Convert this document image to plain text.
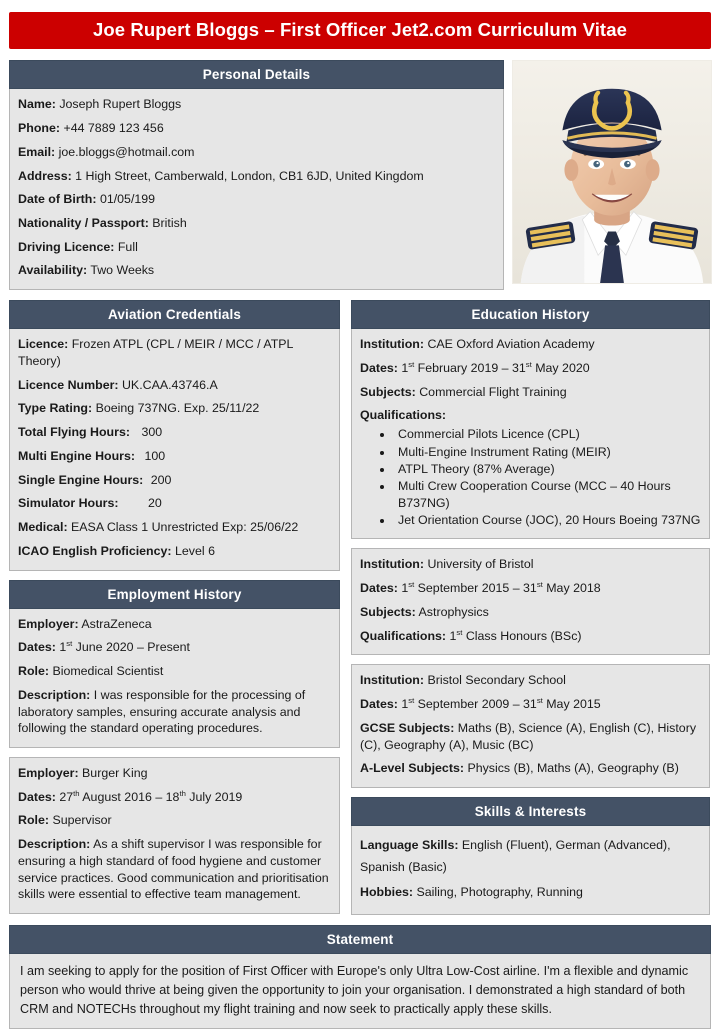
Joe Rupert Bloggs – First Officer Jet2.com Curriculum Vitae
Personal Details
Name: Joseph Rupert Bloggs
Phone: +44 7889 123 456
Email: joe.bloggs@hotmail.com
Address: 1 High Street, Camberwald, London, CB1 6JD, United Kingdom
Date of Birth: 01/05/199
Nationality / Passport: British
Driving Licence: Full
Availability: Two Weeks
Aviation Credentials
Licence: Frozen ATPL (CPL / MEIR / MCC / ATPL Theory)
Licence Number: UK.CAA.43746.A
Type Rating: Boeing 737NG. Exp. 25/11/22
Total Flying Hours: 300
Multi Engine Hours: 100
Single Engine Hours: 200
Simulator Hours: 20
Medical: EASA Class 1 Unrestricted Exp: 25/06/22
ICAO English Proficiency: Level 6
Employment History
Employer: AstraZeneca
Dates: 1st June 2020 – Present
Role: Biomedical Scientist
Description: I was responsible for the processing of laboratory samples, ensuring accurate analysis and following the standard operating procedures.
Employer: Burger King
Dates: 27th August 2016 – 18th July 2019
Role: Supervisor
Description: As a shift supervisor I was responsible for ensuring a high standard of food hygiene and customer service practices. Good communication and prioritisation skills were essential to effective team management.
Education History
Institution: CAE Oxford Aviation Academy
Dates: 1st February 2019 – 31st May 2020
Subjects: Commercial Flight Training
Qualifications:
• Commercial Pilots Licence (CPL)
• Multi-Engine Instrument Rating (MEIR)
• ATPL Theory (87% Average)
• Multi Crew Cooperation Course (MCC – 40 Hours B737NG)
• Jet Orientation Course (JOC), 20 Hours Boeing 737NG
Institution: University of Bristol
Dates: 1st September 2015 – 31st May 2018
Subjects: Astrophysics
Qualifications: 1st Class Honours (BSc)
Institution: Bristol Secondary School
Dates: 1st September 2009 – 31st May 2015
GCSE Subjects: Maths (B), Science (A), English (C), History (C), Geography (A), Music (BC)
A-Level Subjects: Physics (B), Maths (A), Geography (B)
Skills & Interests
Language Skills: English (Fluent), German (Advanced), Spanish (Basic)
Hobbies: Sailing, Photography, Running
Statement
I am seeking to apply for the position of First Officer with Europe's only Ultra Low-Cost airline. I'm a flexible and dynamic person who would thrive at being given the opportunity to join your organisation. I demonstrated a high standard of both CRM and NOTECHs throughout my flight training and now seek to practically apply these skills.
